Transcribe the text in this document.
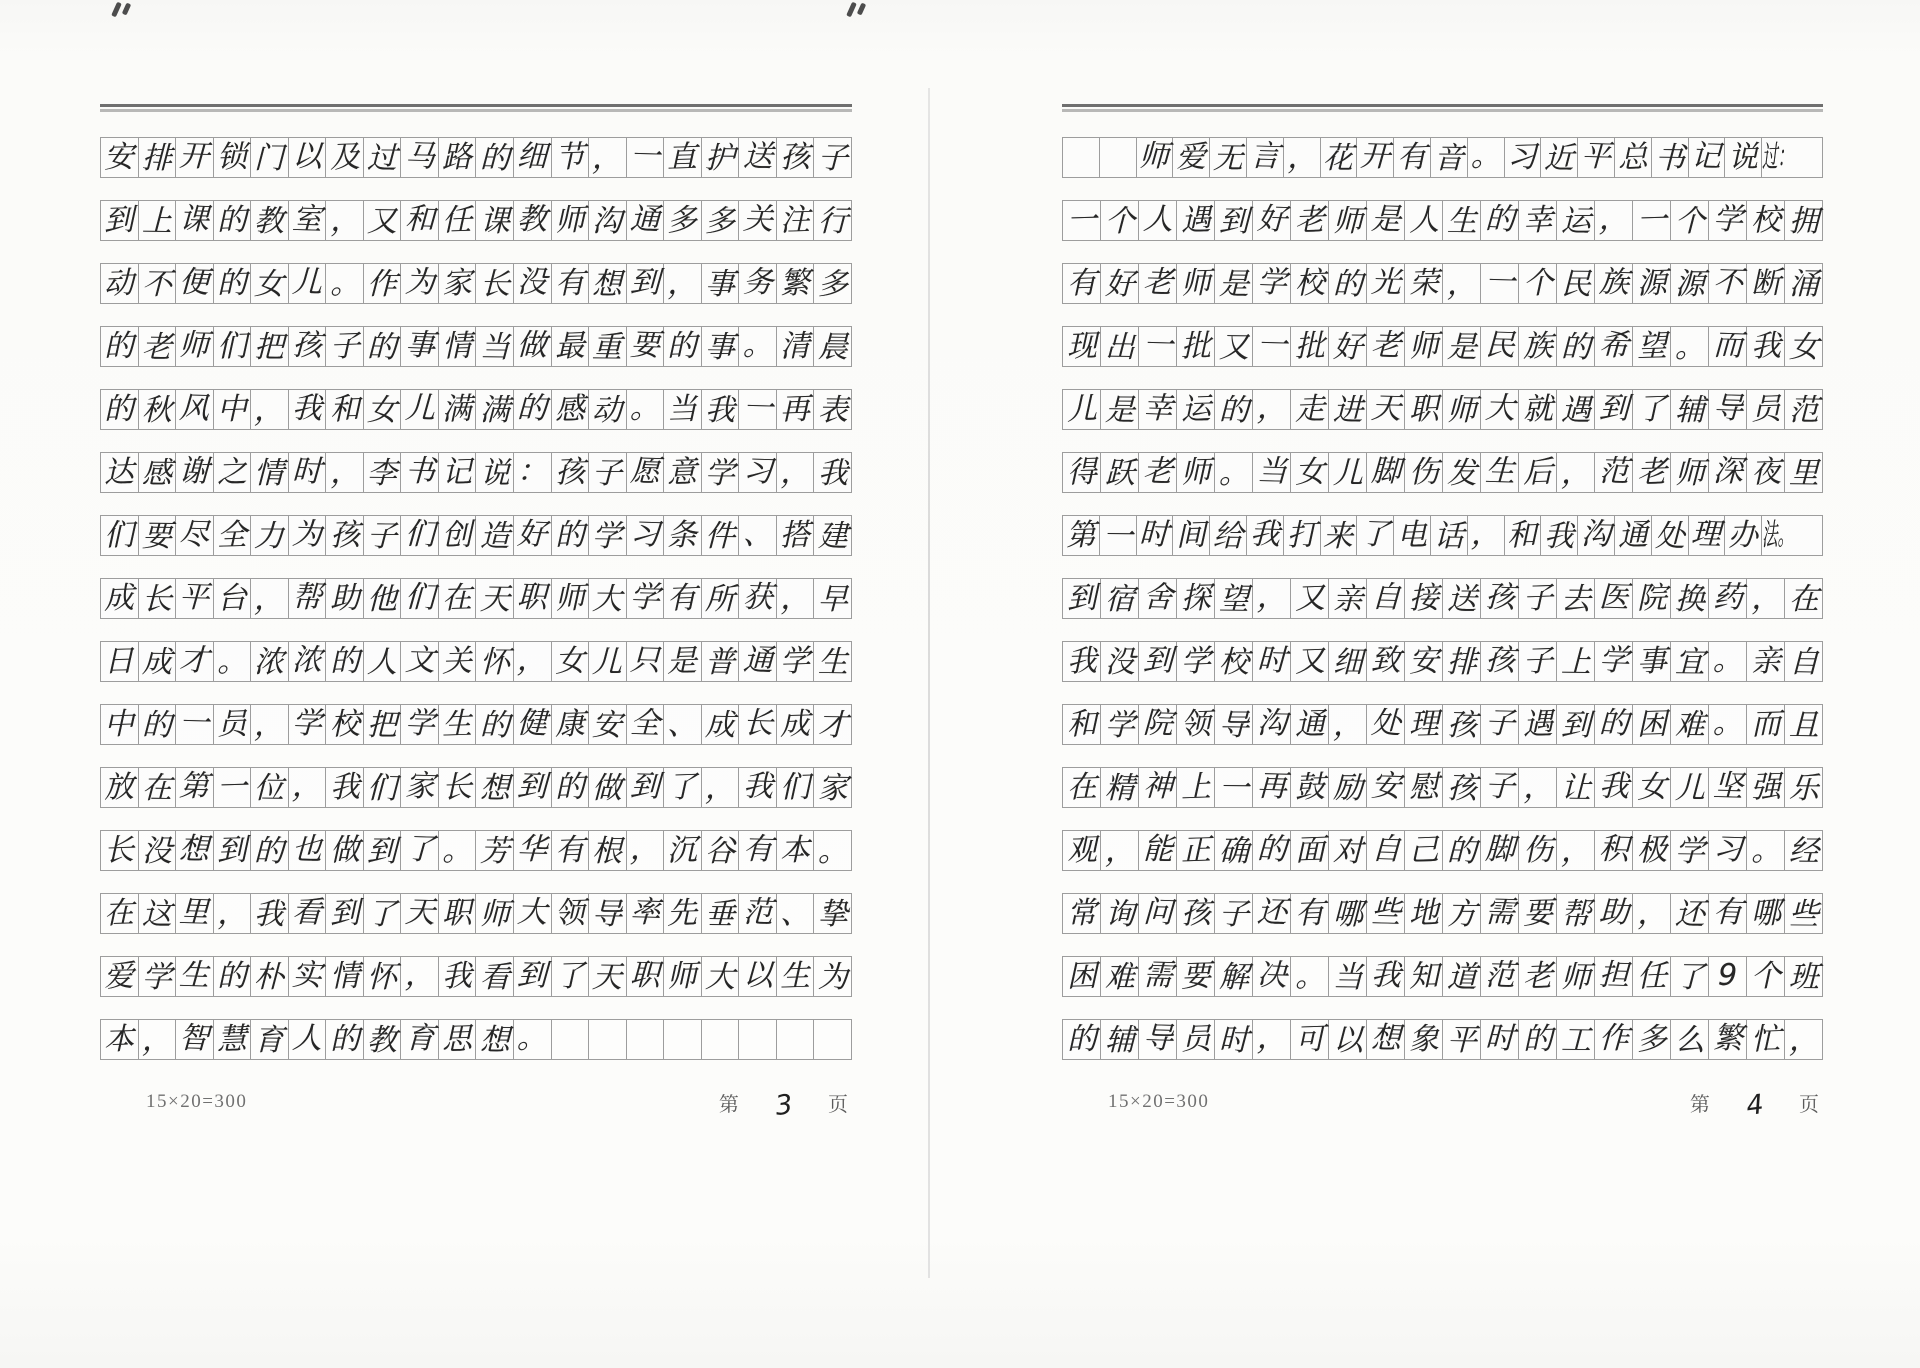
安 排 开 锁 门 以 及 过 马 路 的 细 节 ， 一 直 护 送 孩 子
到 上 课 的 教 室 ， 又 和 任 课 教 师 沟 通 多 多 关 注 行
动 不 便 的 女 儿 。 作 为 家 长 没 有 想 到 ， 事 务 繁 多
的 老 师 们 把 孩 子 的 事 情 当 做 最 重 要 的 事 。 清 晨
的 秋 风 中 ， 我 和 女 儿 满 满 的 感 动 。 当 我 一 再 表
达 感 谢 之 情 时 ， 李 书 记 说 ： 孩 子 愿 意 学 习 ， 我
们 要 尽 全 力 为 孩 子 们 创 造 好 的 学 习 条 件 、 搭 建
成 长 平 台 ， 帮 助 他 们 在 天 职 师 大 学 有 所 获 ， 早
日 成 才 。 浓 浓 的 人 文 关 怀 ， 女 儿 只 是 普 通 学 生
中 的 一 员 ， 学 校 把 学 生 的 健 康 安 全 、 成 长 成 才
放 在 第 一 位 ， 我 们 家 长 想 到 的 做 到 了 ， 我 们 家
长 没 想 到 的 也 做 到 了 。 芳 华 有 根 ， 沉 谷 有 本 。
在 这 里 ， 我 看 到 了 天 职 师 大 领 导 率 先 垂 范 、 挚
爱 学 生 的 朴 实 情 怀 ， 我 看 到 了 天 职 师 大 以 生 为
本 ， 智 慧 育 人 的 教 育 思 想 。
15×20=300	第 3 页
师 爱 无 言 ， 花 开 有 音 。 习 近 平 总 书 记 说 过：
一 个 人 遇 到 好 老 师 是 人 生 的 幸 运 ， 一 个 学 校 拥
有 好 老 师 是 学 校 的 光 荣 ， 一 个 民 族 源 源 不 断 涌
现 出 一 批 又 一 批 好 老 师 是 民 族 的 希 望 。 而 我 女
儿 是 幸 运 的 ， 走 进 天 职 师 大 就 遇 到 了 辅 导 员 范
得 跃 老 师 。 当 女 儿 脚 伤 发 生 后 ， 范 老 师 深 夜 里
第 一 时 间 给 我 打 来 了 电 话 ， 和 我 沟 通 处 理 办 法。
到 宿 舍 探 望 ， 又 亲 自 接 送 孩 子 去 医 院 换 药 ， 在
我 没 到 学 校 时 又 细 致 安 排 孩 子 上 学 事 宜 。 亲 自
和 学 院 领 导 沟 通 ， 处 理 孩 子 遇 到 的 困 难 。 而 且
在 精 神 上 一 再 鼓 励 安 慰 孩 子 ， 让 我 女 儿 坚 强 乐
观 ， 能 正 确 的 面 对 自 己 的 脚 伤 ， 积 极 学 习 。 经
常 询 问 孩 子 还 有 哪 些 地 方 需 要 帮 助 ， 还 有 哪 些
困 难 需 要 解 决 。 当 我 知 道 范 老 师 担 任 了 9 个 班
的 辅 导 员 时 ， 可 以 想 象 平 时 的 工 作 多 么 繁 忙 ，
15×20=300	第 4 页
